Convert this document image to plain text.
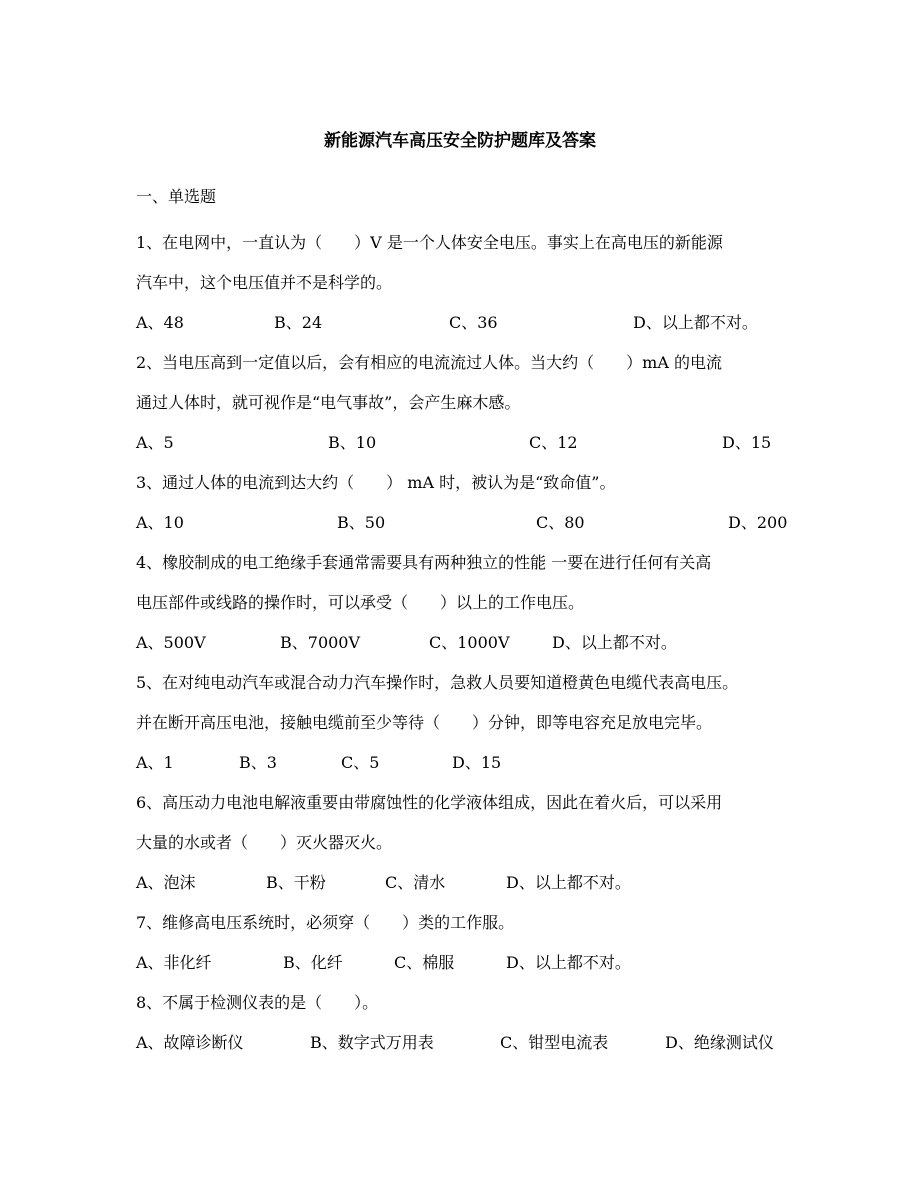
新能源汽车高压安全防护题库及答案
一、单选题

1、在电网中，一直认为（　　）V 是一个人体安全电压。事实上在高电压的新能源

汽车中，这个电压值并不是科学的。

A、48	B、24	C、36	D、以上都不对。

2、当电压高到一定值以后，会有相应的电流流过人体。当大约（　　）mA 的电流

通过人体时，就可视作是“电气事故”，会产生麻木感。

A、5	B、10	C、12	D、15

3、通过人体的电流到达大约（　　） mA 时，被认为是“致命值”。

A、10	B、50	C、80	D、200

4、橡胶制成的电工绝缘手套通常需要具有两种独立的性能 一要在进行任何有关高

电压部件或线路的操作时，可以承受（　　）以上的工作电压。

A、500V	B、7000V	C、1000V	D、以上都不对。

5、在对纯电动汽车或混合动力汽车操作时，急救人员要知道橙黄色电缆代表高电压。

并在断开高压电池，接触电缆前至少等待（　　）分钟，即等电容充足放电完毕。

A、1	B、3	C、5	D、15

6、高压动力电池电解液重要由带腐蚀性的化学液体组成，因此在着火后，可以采用

大量的水或者（　　）灭火器灭火。

A、泡沫	B、干粉	C、清水	D、以上都不对。

7、维修高电压系统时，必须穿（　　）类的工作服。

A、非化纤	B、化纤	C、棉服	D、以上都不对。

8、不属于检测仪表的是（　　）。

A、故障诊断仪	B、数字式万用表	C、钳型电流表	D、绝缘测试仪
